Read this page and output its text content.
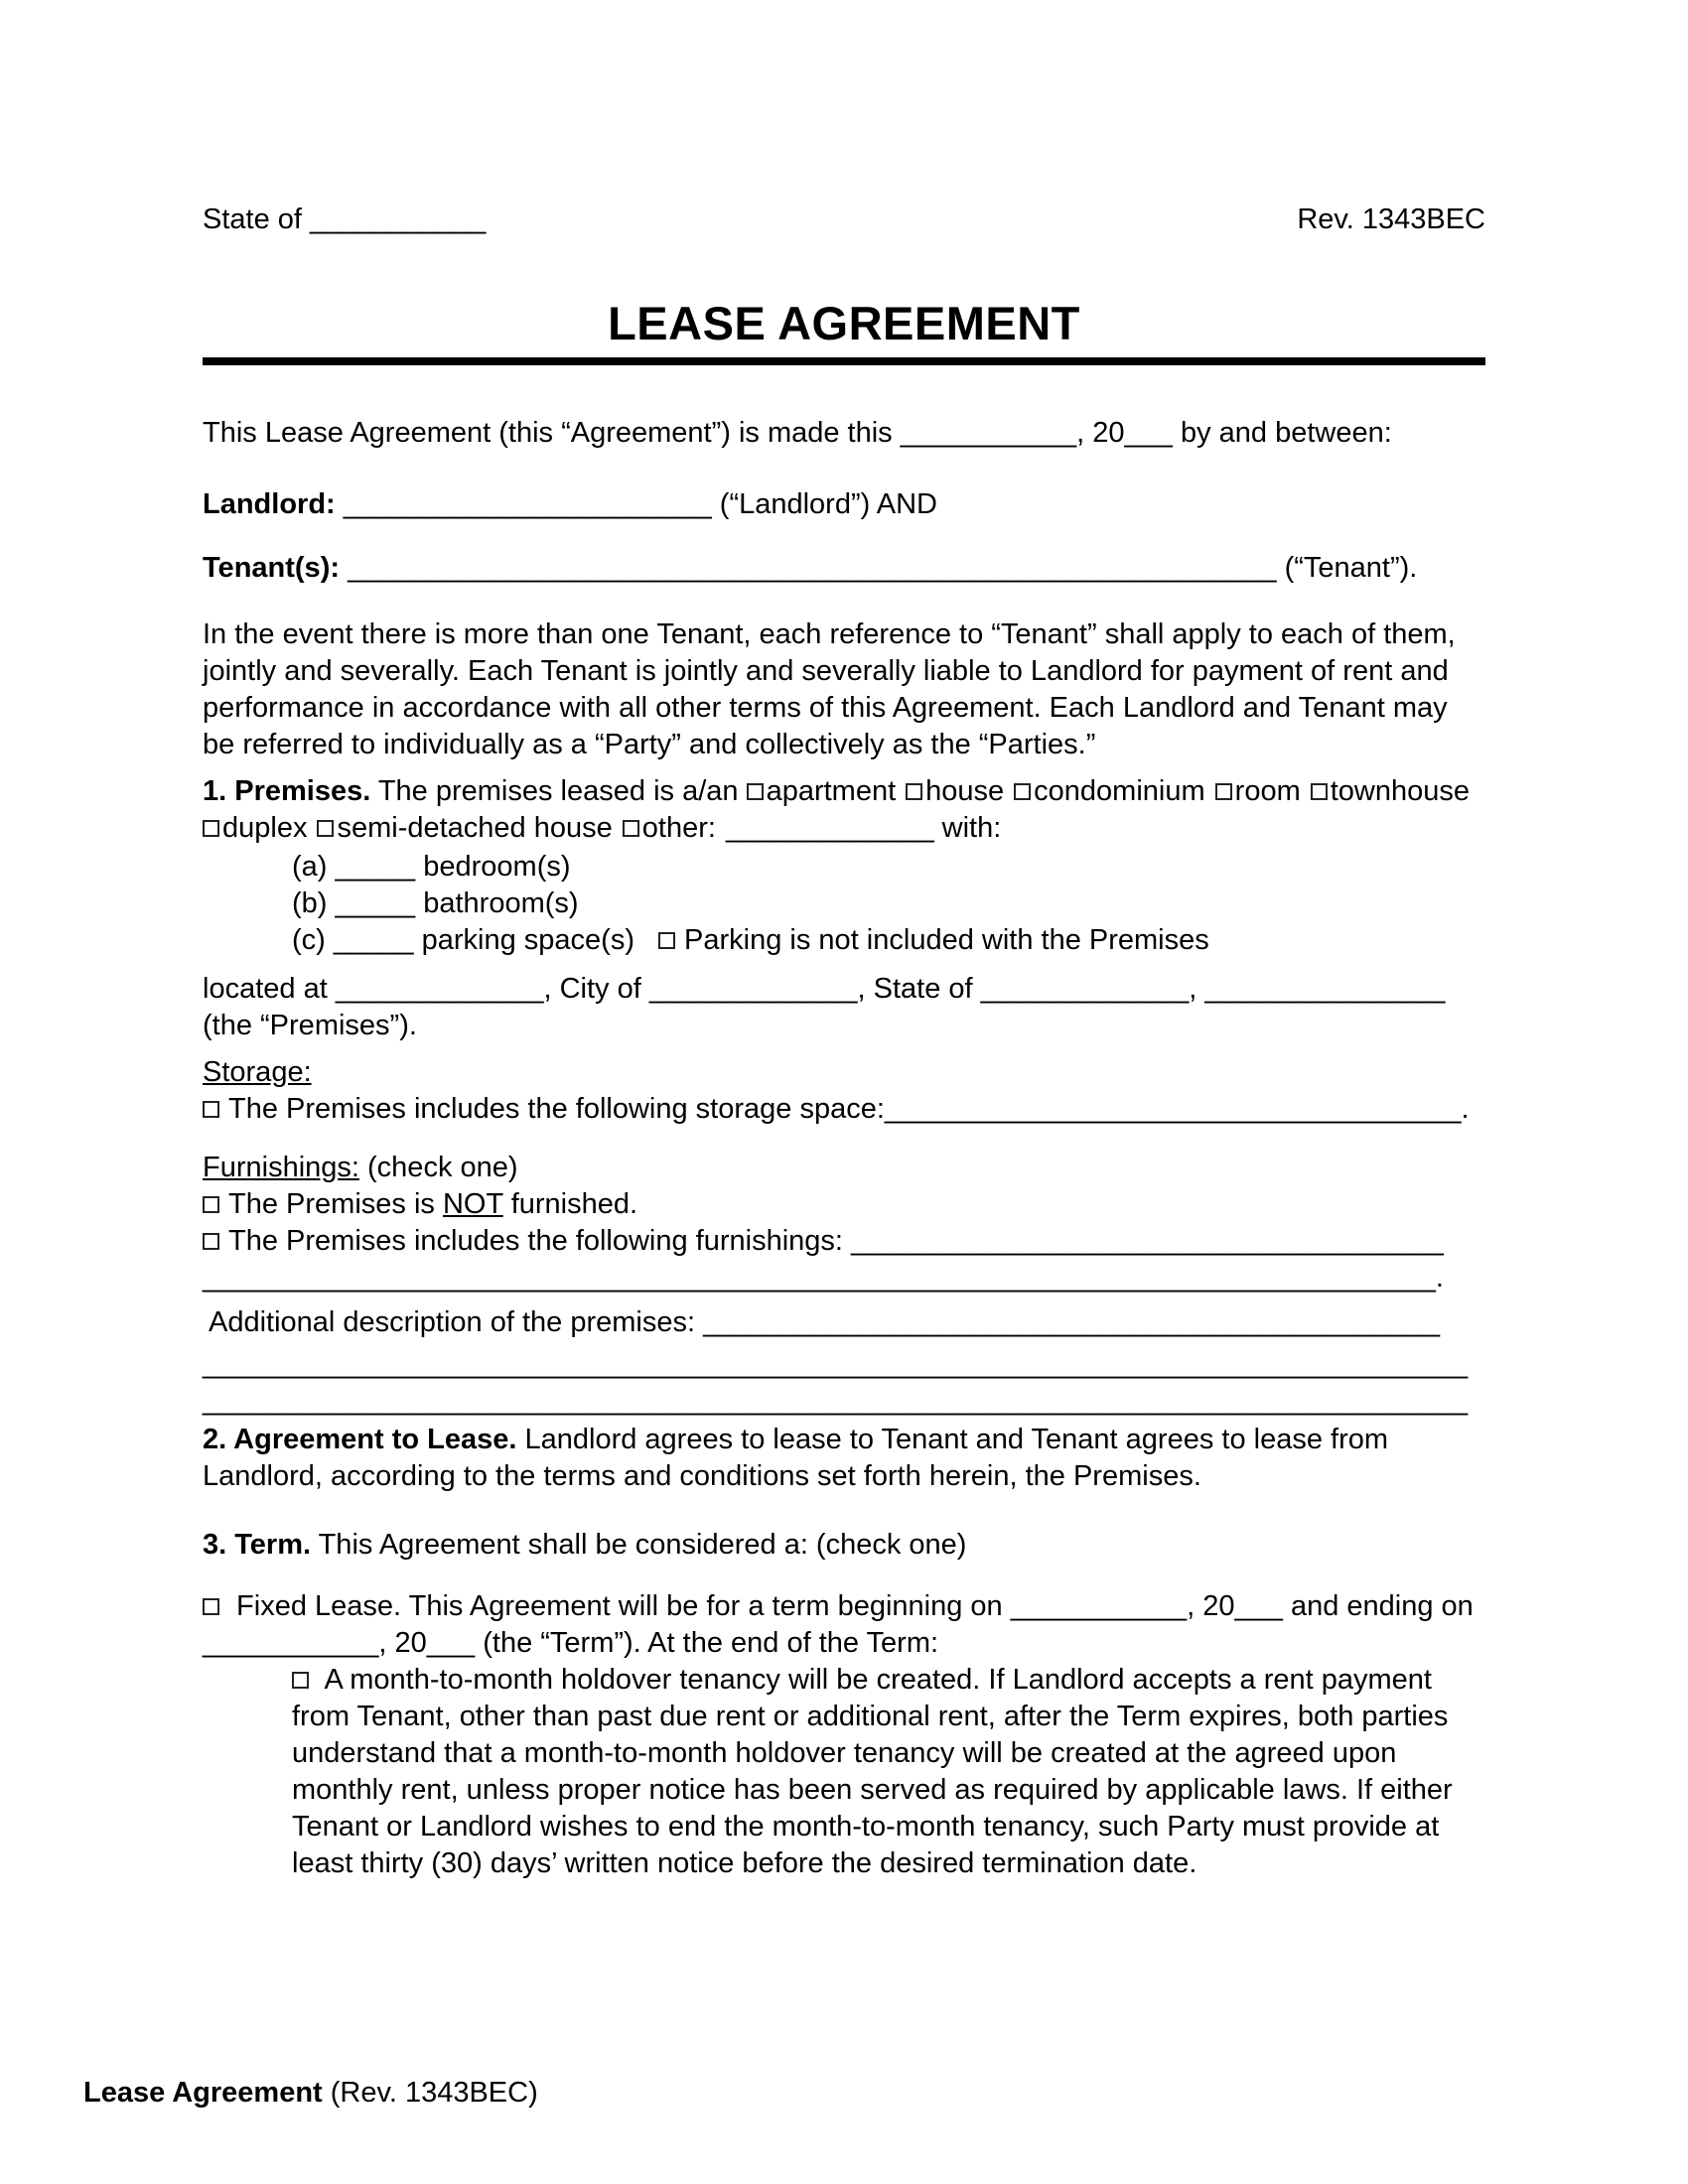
State of ___________	Rev. 1343BEC
LEASE AGREEMENT
This Lease Agreement (this “Agreement”) is made this ___________, 20___ by and between:
Landlord: _______________________ (“Landlord”) AND
Tenant(s): __________________________________________________________ (“Tenant”).
In the event there is more than one Tenant, each reference to “Tenant” shall apply to each of them, jointly and severally. Each Tenant is jointly and severally liable to Landlord for payment of rent and performance in accordance with all other terms of this Agreement. Each Landlord and Tenant may be referred to individually as a “Party” and collectively as the “Parties.”
1. Premises. The premises leased is a/an apartment house condominium room townhouseduplex semi-detached house other: _____________ with:
(a) _____ bedroom(s)
(b) _____ bathroom(s)
(c) _____ parking space(s) Parking is not included with the Premises
located at _____________, City of _____________, State of _____________, _______________
(the “Premises”).
Storage:
The Premises includes the following storage space:____________________________________.
Furnishings: (check one)
The Premises is NOT furnished.
The Premises includes the following furnishings: _____________________________________
_____________________________________________________________________________.
Additional description of the premises: ______________________________________________
_______________________________________________________________________________
_______________________________________________________________________________
2. Agreement to Lease. Landlord agrees to lease to Tenant and Tenant agrees to lease from Landlord, according to the terms and conditions set forth herein, the Premises.
3. Term. This Agreement shall be considered a: (check one)
Fixed Lease. This Agreement will be for a term beginning on ___________, 20___ and ending on ___________, 20___ (the “Term”). At the end of the Term:
A month-to-month holdover tenancy will be created. If Landlord accepts a rent payment from Tenant, other than past due rent or additional rent, after the Term expires, both parties understand that a month-to-month holdover tenancy will be created at the agreed upon monthly rent, unless proper notice has been served as required by applicable laws. If either Tenant or Landlord wishes to end the month-to-month tenancy, such Party must provide at least thirty (30) days’ written notice before the desired termination date.
Lease Agreement (Rev. 1343BEC)
